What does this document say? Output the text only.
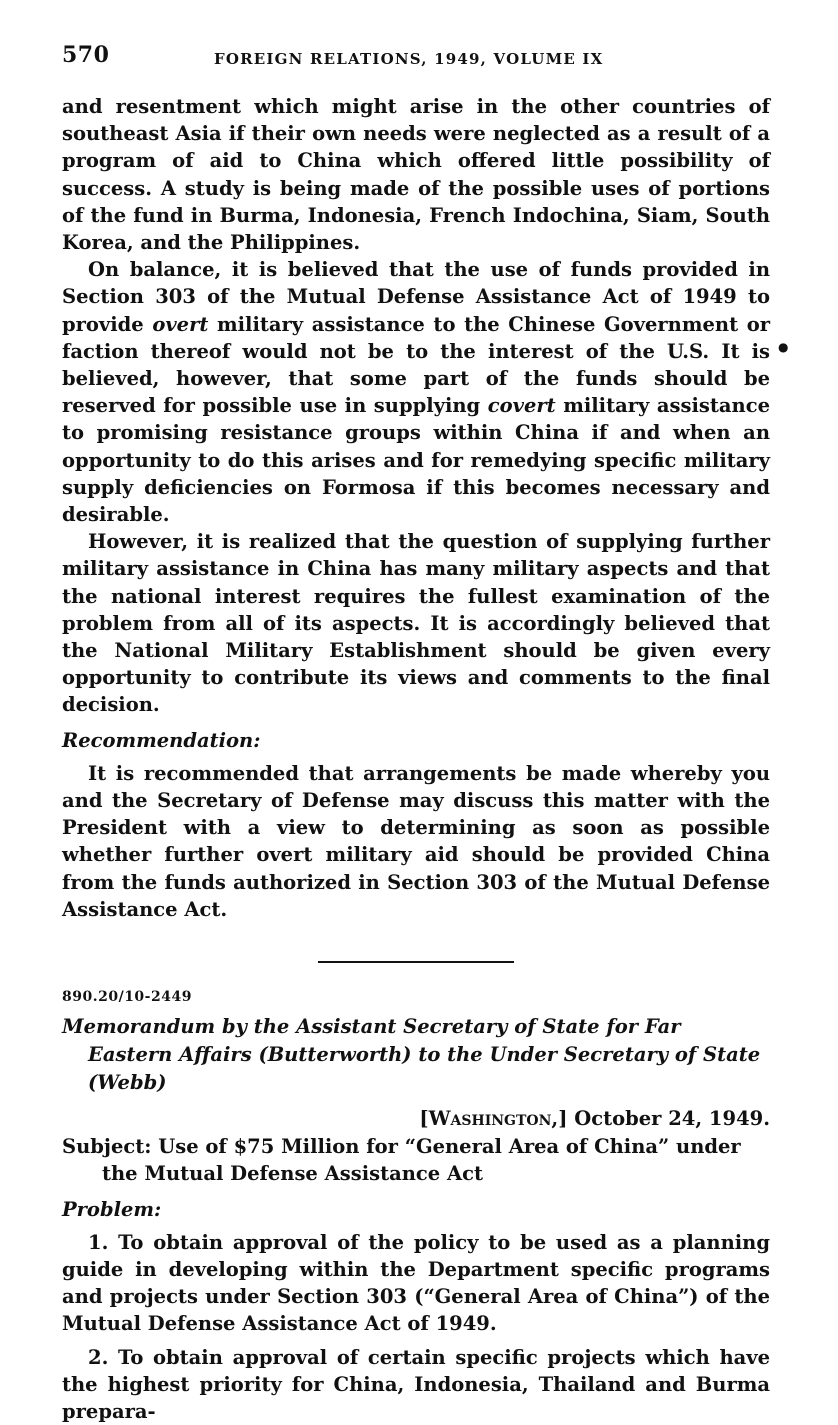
570	FOREIGN RELATIONS, 1949, VOLUME IX

and resentment which might arise in the other countries of southeast Asia if their own needs were neglected as a result of a program of aid to China which offered little possibility of success. A study is being made of the possible uses of portions of the fund in Burma, Indonesia, French Indochina, Siam, South Korea, and the Philippines.

On balance, it is believed that the use of funds provided in Section 303 of the Mutual Defense Assistance Act of 1949 to provide overt military assistance to the Chinese Government or faction thereof would not be to the interest of the U.S. It is believed, however, that some part of the funds should be reserved for possible use in supplying covert military assistance to promising resistance groups within China if and when an opportunity to do this arises and for remedying specific military supply deficiencies on Formosa if this becomes necessary and desirable.

However, it is realized that the question of supplying further military assistance in China has many military aspects and that the national interest requires the fullest examination of the problem from all of its aspects. It is accordingly believed that the National Military Establishment should be given every opportunity to contribute its views and comments to the final decision.

Recommendation:

It is recommended that arrangements be made whereby you and the Secretary of Defense may discuss this matter with the President with a view to determining as soon as possible whether further overt military aid should be provided China from the funds authorized in Section 303 of the Mutual Defense Assistance Act.

890.20/10-2449
Memorandum by the Assistant Secretary of State for Far Eastern Affairs (Butterworth) to the Under Secretary of State (Webb)
[Washington,] October 24, 1949.
Subject: Use of $75 Million for “General Area of China” under the Mutual Defense Assistance Act
Problem:

1. To obtain approval of the policy to be used as a planning guide in developing within the Department specific programs and projects under Section 303 (“General Area of China”) of the Mutual Defense Assistance Act of 1949.

2. To obtain approval of certain specific projects which have the highest priority for China, Indonesia, Thailand and Burma prepara-

●
